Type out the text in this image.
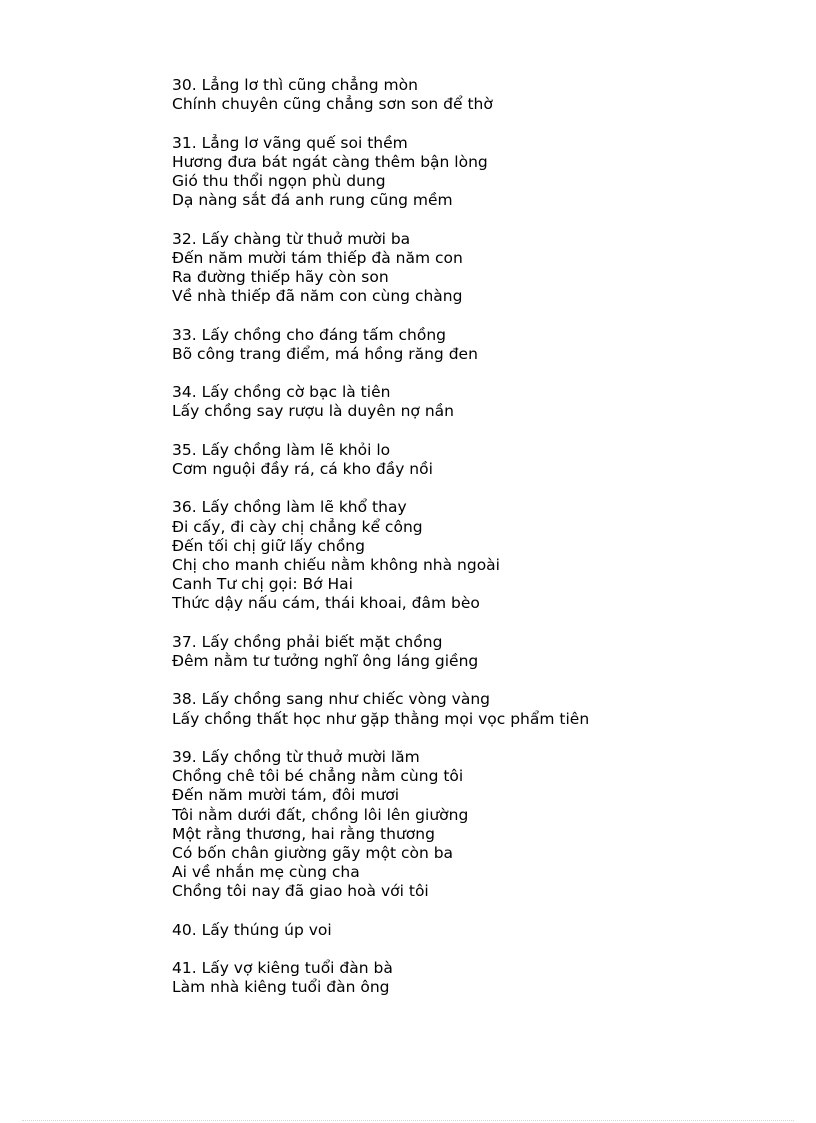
30. Lẳng lơ thì cũng chẳng mòn
Chính chuyên cũng chẳng sơn son để thờ
31. Lẳng lơ vãng quế soi thềm
Hương đưa bát ngát càng thêm bận lòng
Gió thu thổi ngọn phù dung
Dạ nàng sắt đá anh rung cũng mềm
32. Lấy chàng từ thuở mười ba
Đến năm mười tám thiếp đà năm con
Ra đường thiếp hãy còn son
Về nhà thiếp đã năm con cùng chàng
33. Lấy chồng cho đáng tấm chồng
Bõ công trang điểm, má hồng răng đen
34. Lấy chồng cờ bạc là tiên
Lấy chồng say rượu là duyên nợ nần
35. Lấy chồng làm lẽ khỏi lo
Cơm nguội đầy rá, cá kho đầy nồi
36. Lấy chồng làm lẽ khổ thay
Đi cấy, đi cày chị chẳng kể công
Đến tối chị giữ lấy chồng
Chị cho manh chiếu nằm không nhà ngoài
Canh Tư chị gọi: Bớ Hai
Thức dậy nấu cám, thái khoai, đâm bèo
37. Lấy chồng phải biết mặt chồng
Đêm nằm tư tưởng nghĩ ông láng giềng
38. Lấy chồng sang như chiếc vòng vàng
Lấy chồng thất học như gặp thằng mọi vọc phẩm tiên
39. Lấy chồng từ thuở mười lăm
Chồng chê tôi bé chẳng nằm cùng tôi
Đến năm mười tám, đôi mươi
Tôi nằm dưới đất, chồng lôi lên giường
Một rằng thương, hai rằng thương
Có bốn chân giường gãy một còn ba
Ai về nhắn mẹ cùng cha
Chồng tôi nay đã giao hoà với tôi
40. Lấy thúng úp voi
41. Lấy vợ kiêng tuổi đàn bà
Làm nhà kiêng tuổi đàn ông
